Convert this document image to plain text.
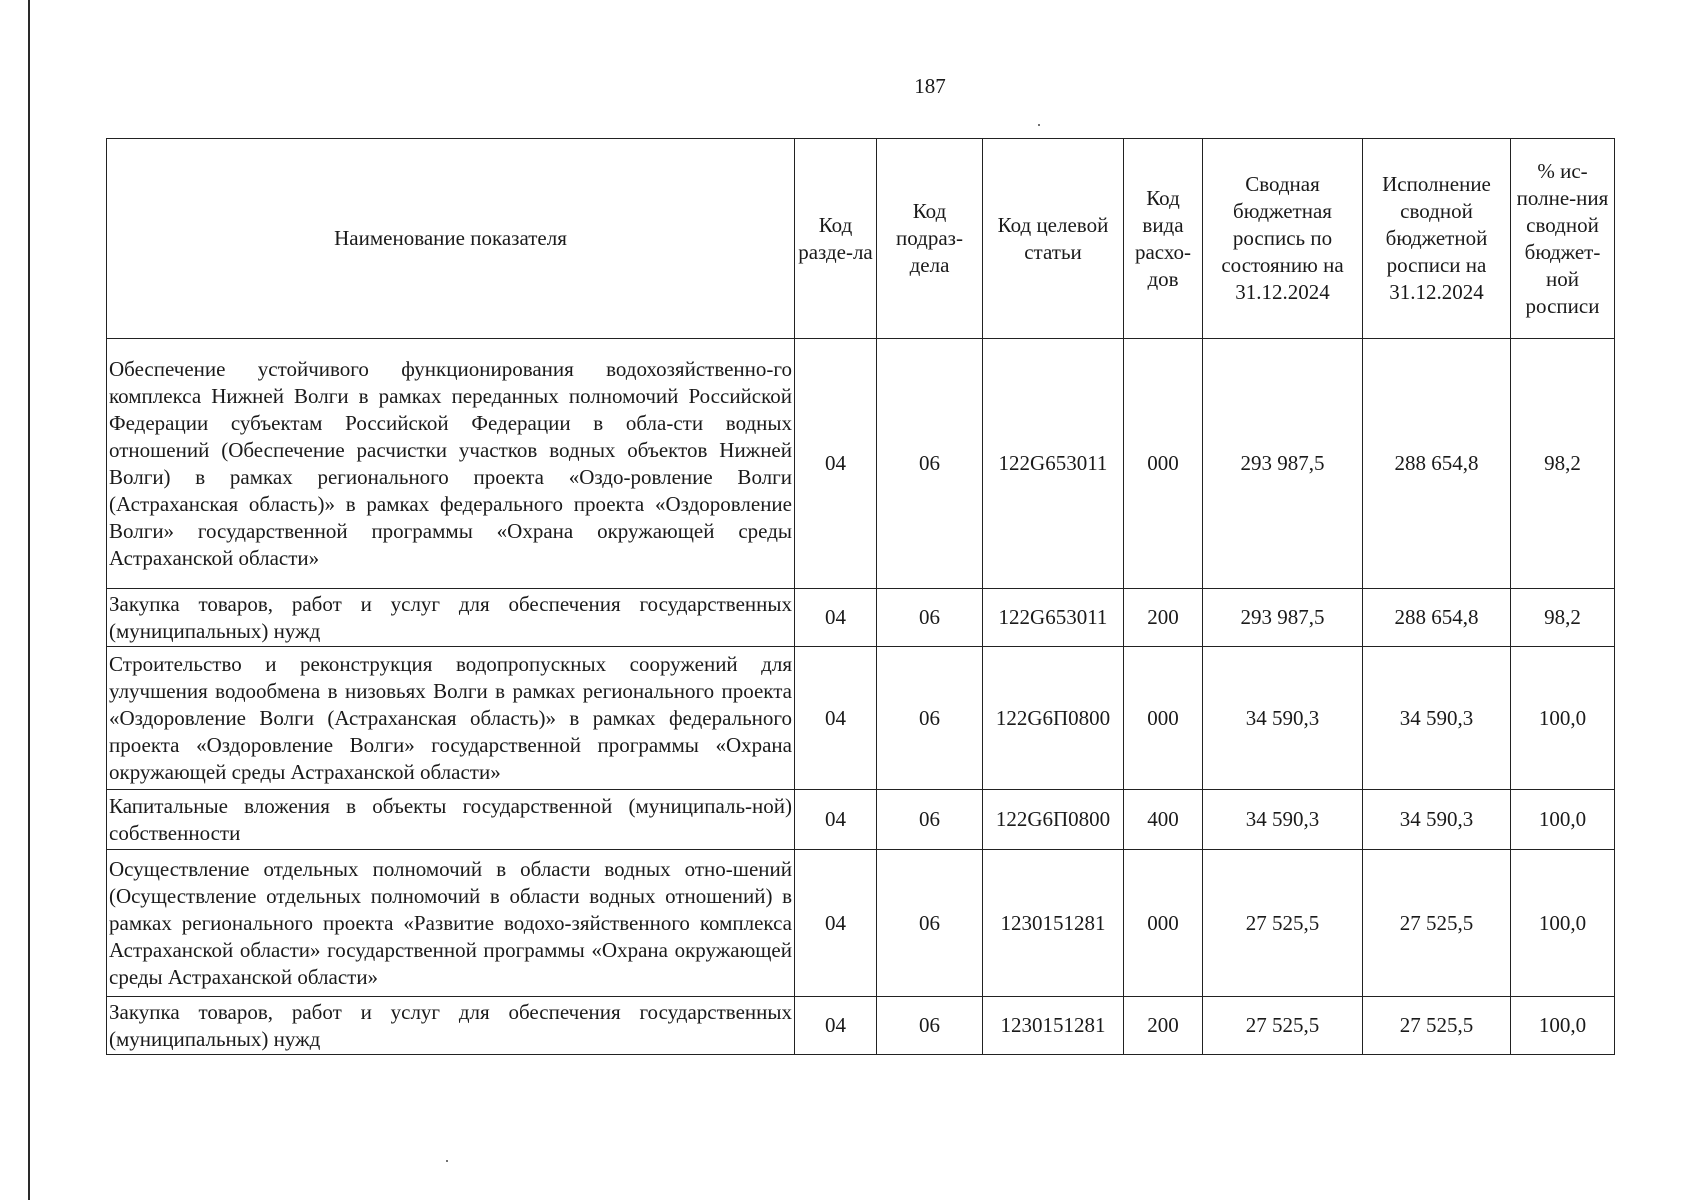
187
Наименование показателя	Код разде-ла	Код подраз-дела	Код целевой статьи	Код вида расхо-дов	Сводная бюджетная роспись по состоянию на 31.12.2024	Исполнение сводной бюджетной росписи на 31.12.2024	% ис-полне-ния сводной бюджет-ной росписи
Обеспечение устойчивого функционирования водохозяйственно-го комплекса Нижней Волги в рамках переданных полномочий Российской Федерации субъектам Российской Федерации в обла-сти водных отношений (Обеспечение расчистки участков водных объектов Нижней Волги) в рамках регионального проекта «Оздо-ровление Волги (Астраханская область)» в рамках федерального проекта «Оздоровление Волги» государственной программы «Охрана окружающей среды Астраханской области»	04	06	122G653011	000	293 987,5	288 654,8	98,2
Закупка товаров, работ и услуг для обеспечения государственных (муниципальных) нужд	04	06	122G653011	200	293 987,5	288 654,8	98,2
Строительство и реконструкция водопропускных сооружений для улучшения водообмена в низовьях Волги в рамках регионального проекта «Оздоровление Волги (Астраханская область)» в рамках федерального проекта «Оздоровление Волги» государственной программы «Охрана окружающей среды Астраханской области»	04	06	122G6П0800	000	34 590,3	34 590,3	100,0
Капитальные вложения в объекты государственной (муниципаль-ной) собственности	04	06	122G6П0800	400	34 590,3	34 590,3	100,0
Осуществление отдельных полномочий в области водных отно-шений (Осуществление отдельных полномочий в области водных отношений) в рамках регионального проекта «Развитие водохо-зяйственного комплекса Астраханской области» государственной программы «Охрана окружающей среды Астраханской области»	04	06	1230151281	000	27 525,5	27 525,5	100,0
Закупка товаров, работ и услуг для обеспечения государственных (муниципальных) нужд	04	06	1230151281	200	27 525,5	27 525,5	100,0
